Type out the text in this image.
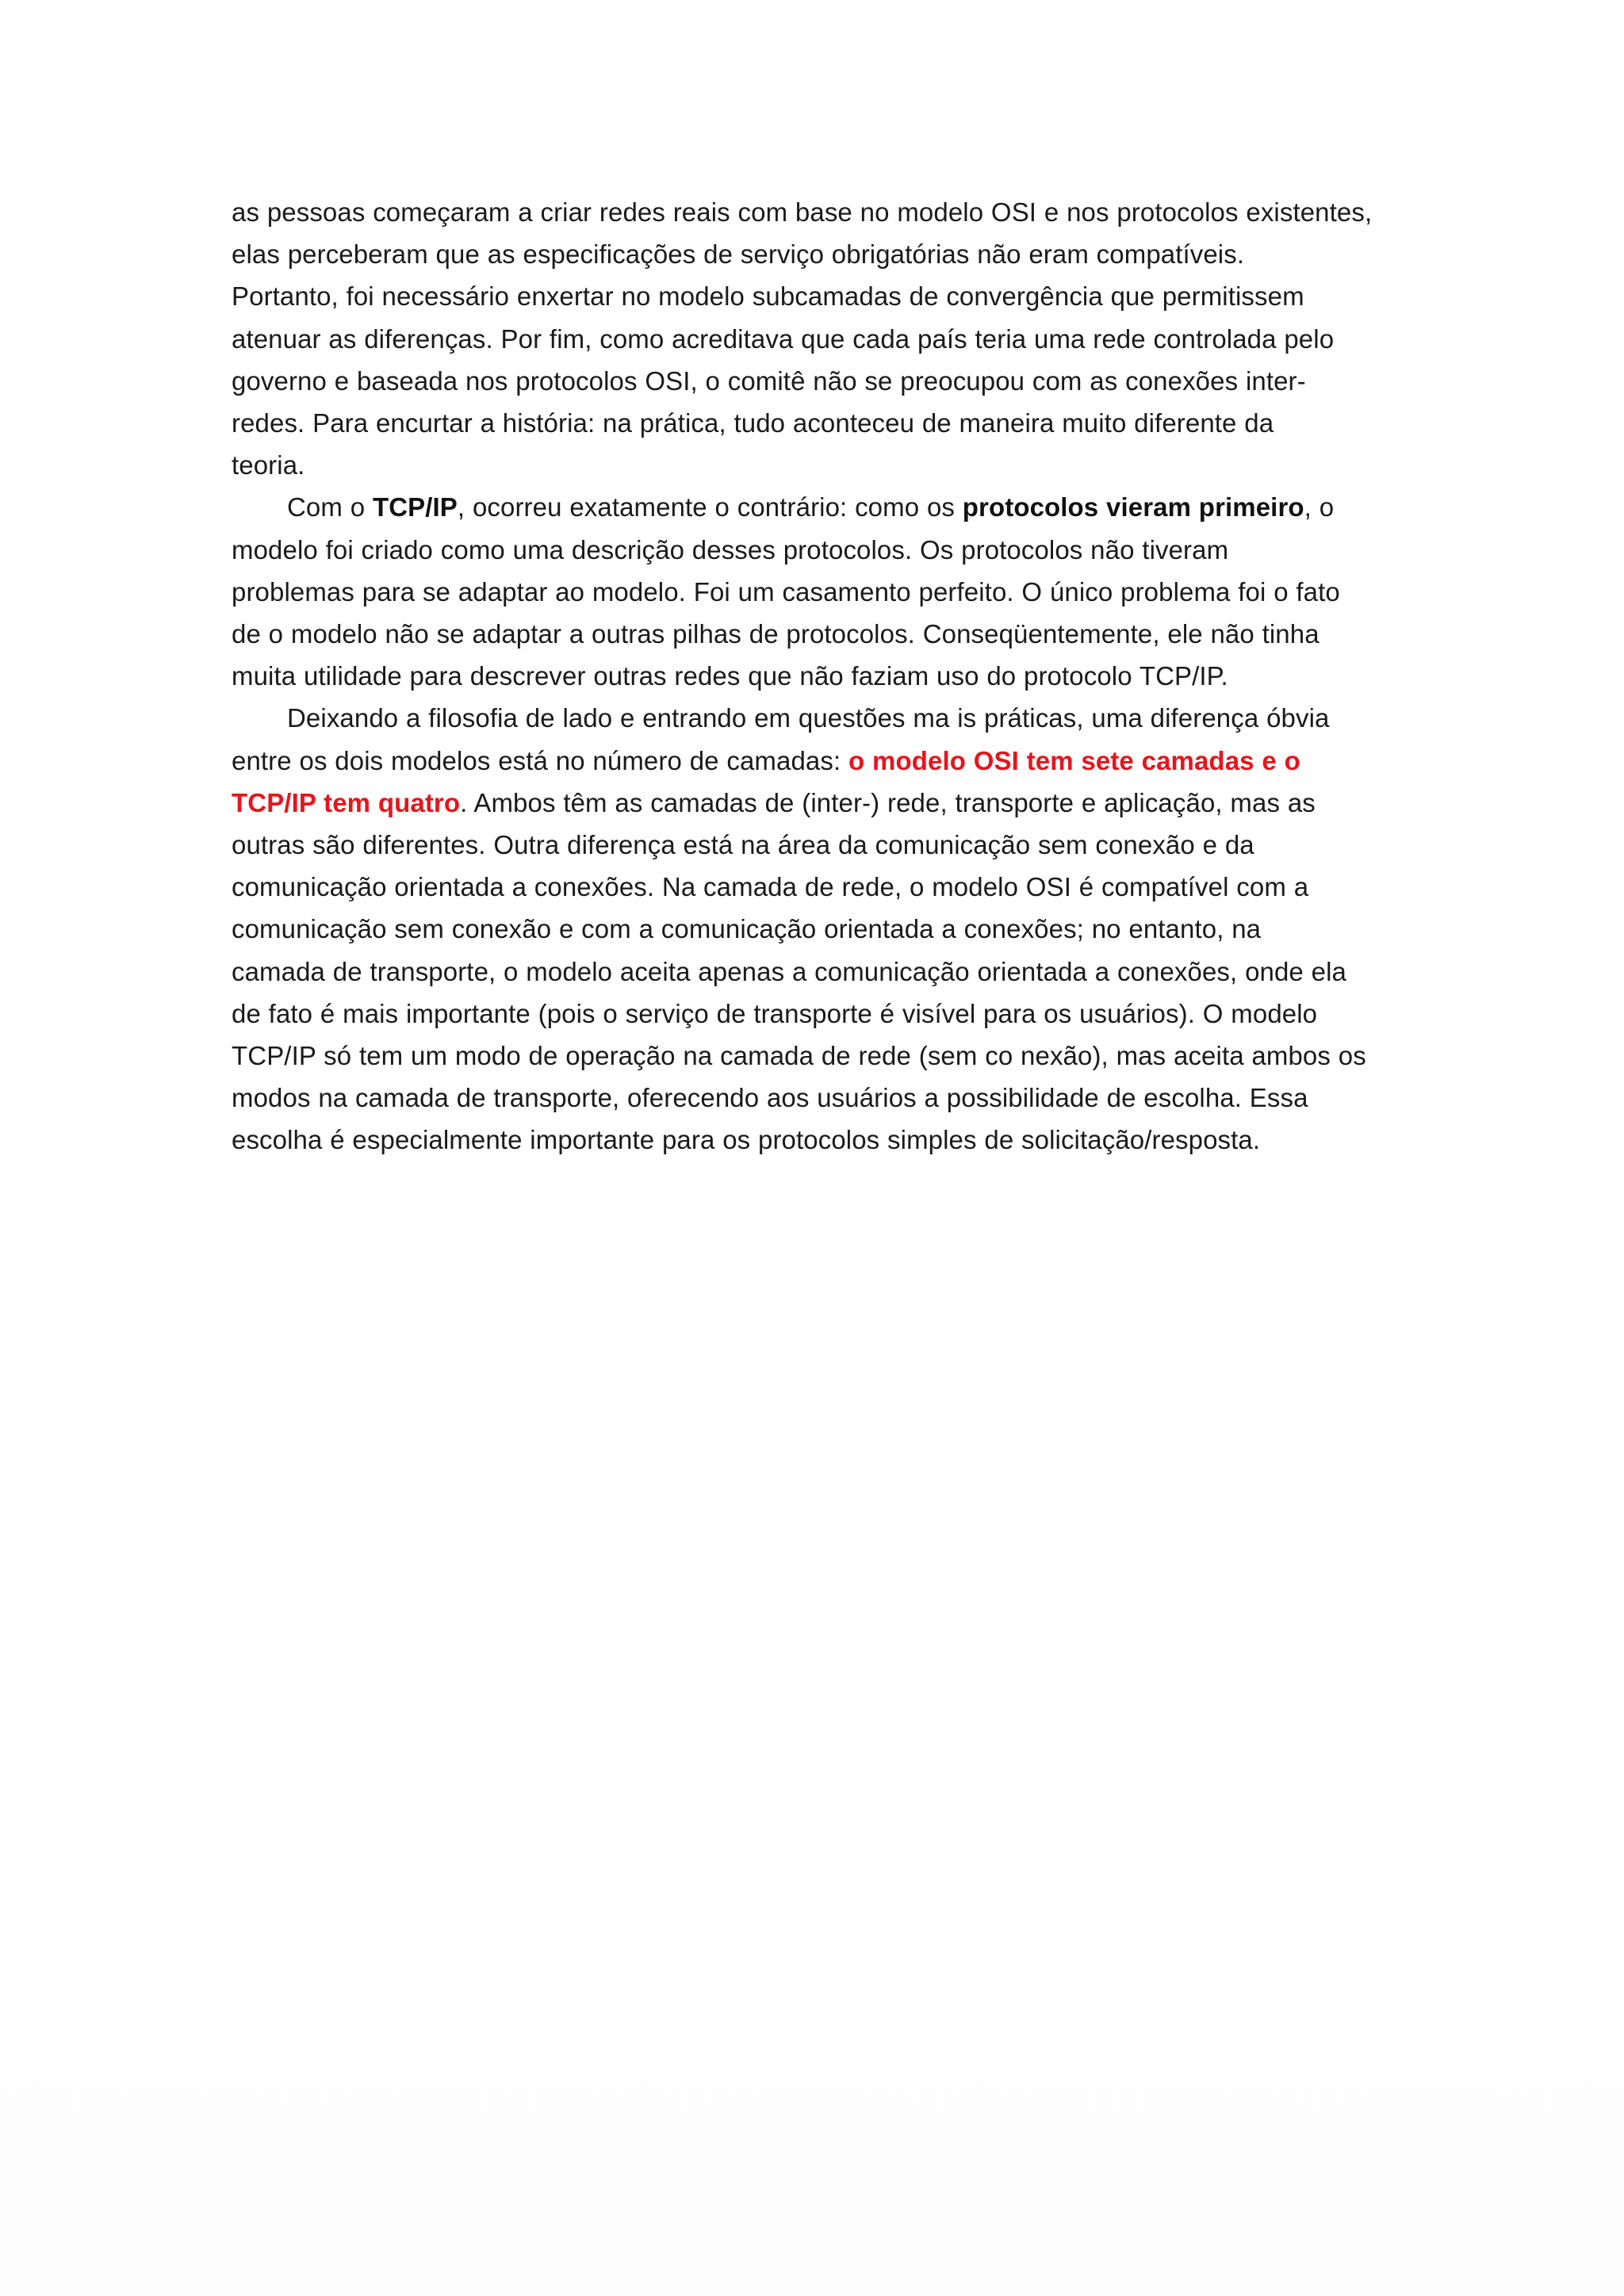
as pessoas começaram a criar redes reais com base no modelo OSI e nos protocolos existentes,
elas perceberam que as especificações de serviço obrigatórias não eram compatíveis.
Portanto, foi necessário enxertar no modelo subcamadas de convergência que permitissem
atenuar as diferenças. Por fim, como acreditava que cada país teria uma rede controlada pelo
governo e baseada nos protocolos OSI, o comitê não se preocupou com as conexões inter-
redes. Para encurtar a história: na prática, tudo aconteceu de maneira muito diferente da
teoria.
Com o TCP/IP, ocorreu exatamente o contrário: como os protocolos vieram primeiro, o
modelo foi criado como uma descrição desses protocolos. Os protocolos não tiveram
problemas para se adaptar ao modelo. Foi um casamento perfeito. O único problema foi o fato
de o modelo não se adaptar a outras pilhas de protocolos. Conseqüentemente, ele não tinha
muita utilidade para descrever outras redes que não faziam uso do protocolo TCP/IP.
Deixando a filosofia de lado e entrando em questões ma is práticas, uma diferença óbvia
entre os dois modelos está no número de camadas: o modelo OSI tem sete camadas e o
TCP/IP tem quatro. Ambos têm as camadas de (inter-) rede, transporte e aplicação, mas as
outras são diferentes. Outra diferença está na área da comunicação sem conexão e da
comunicação orientada a conexões. Na camada de rede, o modelo OSI é compatível com a
comunicação sem conexão e com a comunicação orientada a conexões; no entanto, na
camada de transporte, o modelo aceita apenas a comunicação orientada a conexões, onde ela
de fato é mais importante (pois o serviço de transporte é visível para os usuários). O modelo
TCP/IP só tem um modo de operação na camada de rede (sem co nexão), mas aceita ambos os
modos na camada de transporte, oferecendo aos usuários a possibilidade de escolha. Essa
escolha é especialmente importante para os protocolos simples de solicitação/resposta.
